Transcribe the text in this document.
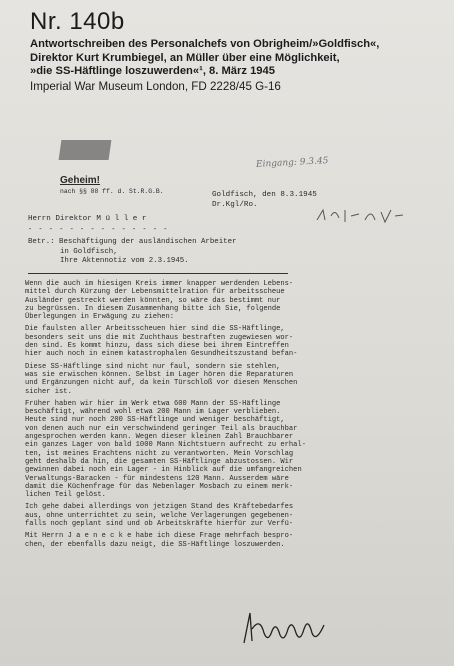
Nr. 140b
Antwortschreiben des Personalchefs von Obrigheim/»Goldfisch«,
Direktor Kurt Krumbiegel, an Müller über eine Möglichkeit,
»die SS-Häftlinge loszuwerden«¹, 8. März 1945
Imperial War Museum London, FD 2228/45 G-16
Eingang: 9.3.45
Geheim!
nach §§ 88 ff. d. St.R.G.B.	Goldfisch, den 8.3.1945
Dr.Kgl/Ro.
Herrn Direktor M ü l l e r
- - - - - - - - - - - - - -
Betr.: Beschäftigung der ausländischen Arbeiter
in Goldfisch,
Ihre Aktennotiz vom 2.3.1945.
Wenn die auch im hiesigen Kreis immer knapper werdenden Lebens-
mittel durch Kürzung der Lebensmittelration für arbeitsscheue
Ausländer gestreckt werden könnten, so wäre das bestimmt nur
zu begrüssen. In diesem Zusammenhang bitte ich Sie, folgende
Überlegungen in Erwägung zu ziehen:
Die faulsten aller Arbeitsscheuen hier sind die SS-Häftlinge,
besonders seit uns die mit Zuchthaus bestraften zugewiesen wor-
den sind. Es kommt hinzu, dass sich diese bei ihrem Eintreffen
hier auch noch in einem katastrophalen Gesundheitszustand befan-
Diese SS-Häftlinge sind nicht nur faul, sondern sie stehlen,
was sie erwischen können. Selbst im Lager hören die Reparaturen
und Ergänzungen nicht auf, da kein Türschloß vor diesen Menschen
sicher ist.
Früher haben wir hier im Werk etwa 600 Mann der SS-Häftlinge
beschäftigt, während wohl etwa 200 Mann im Lager verblieben.
Heute sind nur noch 200 SS-Häftlinge und weniger beschäftigt,
von denen auch nur ein verschwindend geringer Teil als brauchbar
angesprochen werden kann. Wegen dieser kleinen Zahl Brauchbarer
ein ganzes Lager von bald 1000 Mann Nichtstuern aufrecht zu erhal-
ten, ist meines Erachtens nicht zu verantworten. Mein Vorschlag
geht deshalb da hin, die gesamten SS-Häftlinge abzustossen. Wir
gewinnen dabei noch ein Lager - in Hinblick auf die umfangreichen
Verwaltungs-Baracken - für mindestens 120 Mann. Ausserdem wäre
damit die Küchenfrage für das Nebenlager Mosbach zu einem merk-
lichen Teil gelöst.
Ich gehe dabei allerdings von jetzigen Stand des Kräftebedarfes
aus, ohne unterrichtet zu sein, welche Verlagerungen gegebenen-
falls noch geplant sind und ob Arbeitskräfte hierfür zur Verfü-
Mit Herrn J a e n e c k e habe ich diese Frage mehrfach bespro-
chen, der ebenfalls dazu neigt, die SS-Häftlinge loszuwerden.
